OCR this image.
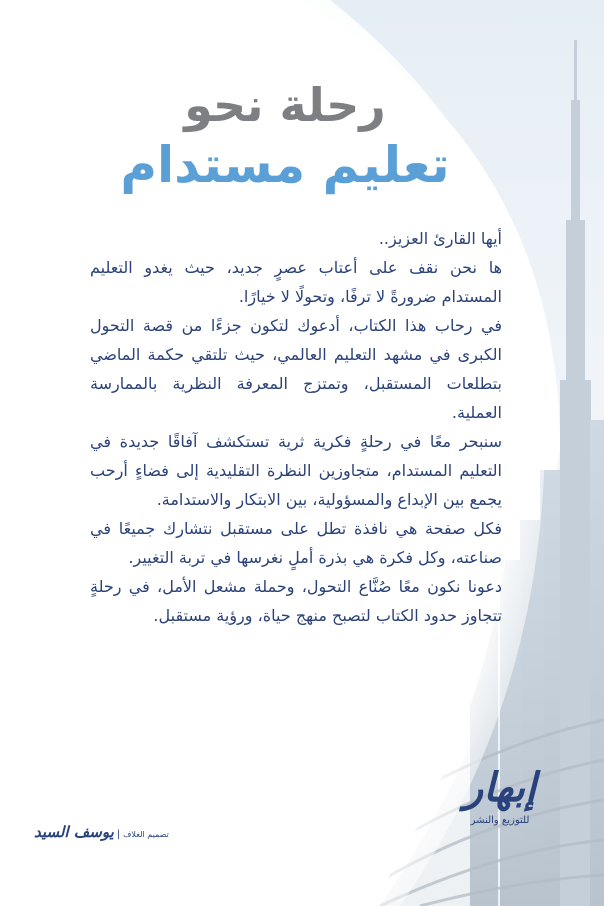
رحلة نحو
تعليم مستدام

أيها القارئ العزيز..

ها نحن نقف على أعتاب عصرٍ جديد، حيث يغدو التعليم المستدام ضرورةً لا ترفًا، وتحولًا لا خيارًا.

في رحاب هذا الكتاب، أدعوك لتكون جزءًا من قصة التحول الكبرى في مشهد التعليم العالمي، حيث تلتقي حكمة الماضي بتطلعات المستقبل، وتمتزج المعرفة النظرية بالممارسة العملية.

سنبحر معًا في رحلةٍ فكرية ثرية تستكشف آفاقًا جديدة في التعليم المستدام، متجاوزين النظرة التقليدية إلى فضاءٍ أرحب يجمع بين الإبداع والمسؤولية، بين الابتكار والاستدامة.

فكل صفحة هي نافذة تطل على مستقبل نتشارك جميعًا في صناعته، وكل فكرة هي بذرة أملٍ نغرسها في تربة التغيير.

دعونا نكون معًا صُنَّاع التحول، وحملة مشعل الأمل، في رحلةٍ تتجاوز حدود الكتاب لتصبح منهج حياة، ورؤية مستقبل.

إبهار
للتوزيع والنشر
تصميم الغلاف|يوسف السيد
